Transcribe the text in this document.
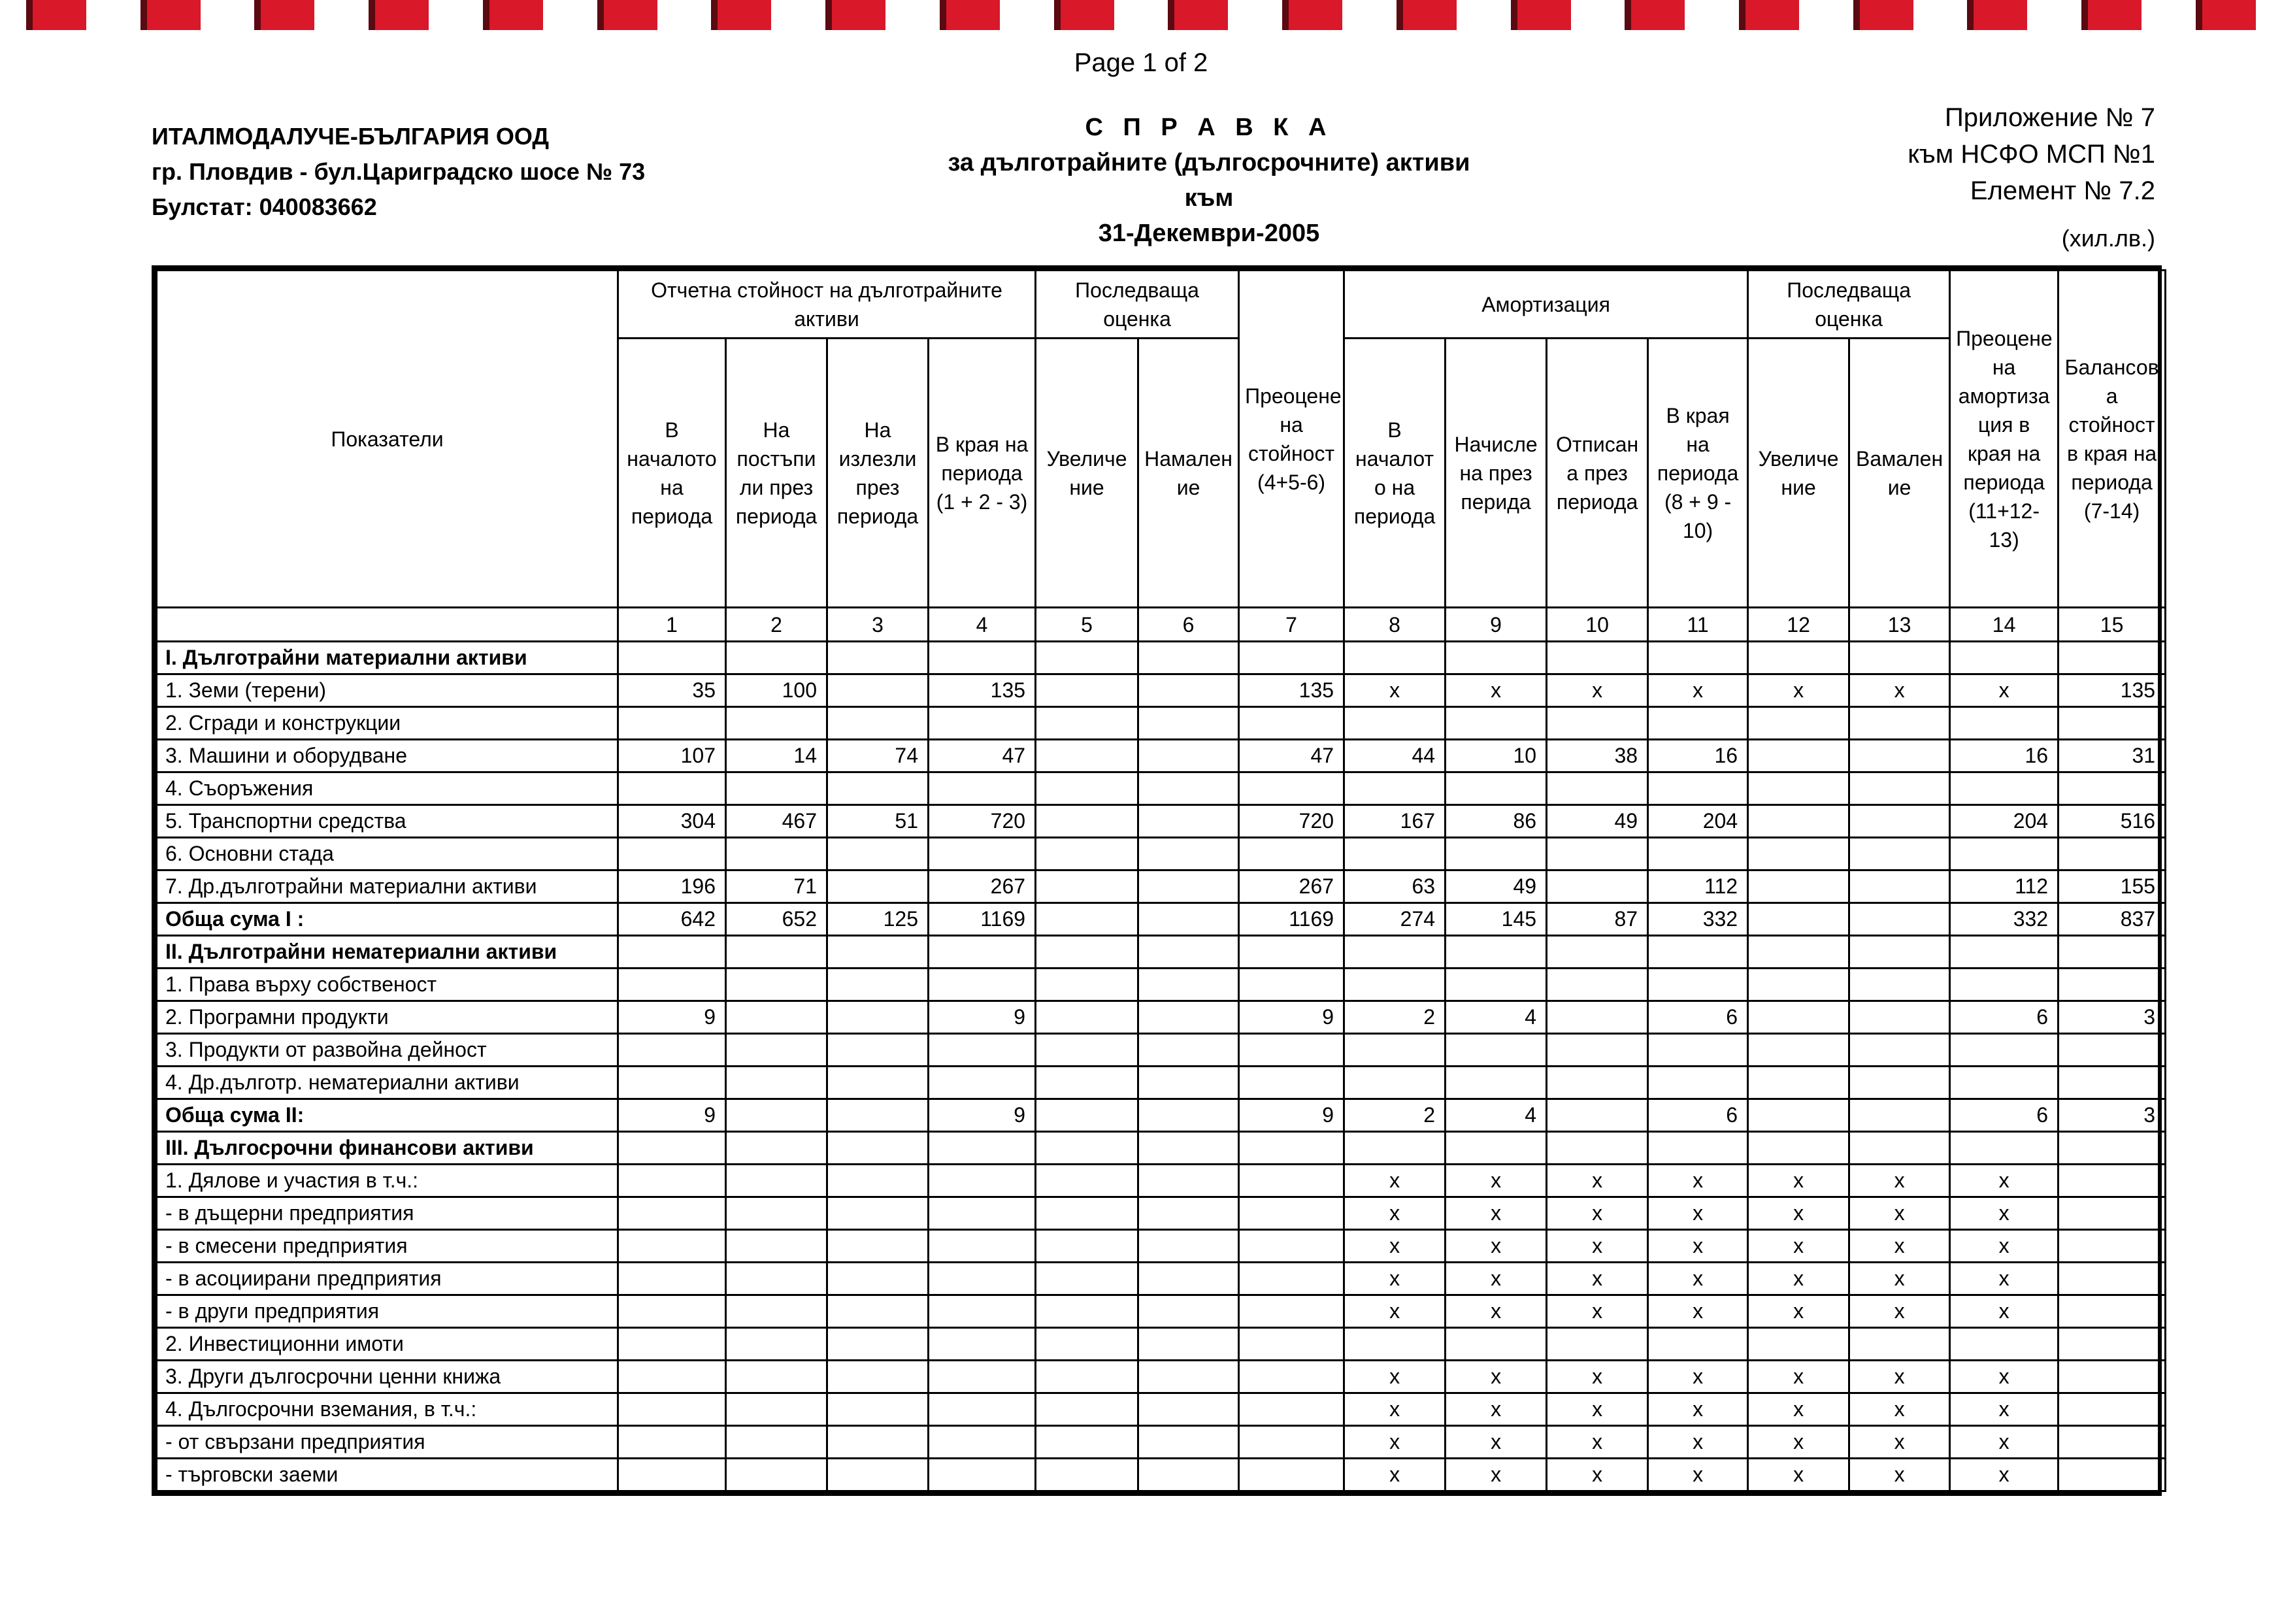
Page 1 of 2
ИТАЛМОДАЛУЧЕ-БЪЛГАРИЯ ООД
гр. Пловдив - бул.Цариградско шосе № 73
Булстат: 040083662
С П Р А В К А
за дълготрайните (дългосрочните) активи
към
31-Декември-2005
Приложение № 7
към НСФО МСП №1
Елемент № 7.2
(хил.лв.)
Показатели	Отчетна стойност на дълготрайните активи				Последваща оценка		Преоцене на стойност (4+5-6)	Амортизация				Последваща оценка		Преоцене на амортиза ция в края на периода (11+12-13)	Балансов а стойност в края на периода (7-14)
	В началото на периода	На постъпи ли през периода	На излезли през периода	В края на периода (1 + 2 - 3)	Увеличе ние	Намален ие		В началот о на периода	Начисле на през перида	Отписан а през периода	В края на периода (8 + 9 - 10)	Увеличе ние	Вамален ие		
	1	2	3	4	5	6	7	8	9	10	11	12	13	14	15
I. Дълготрайни материални активи															
1. Земи (терени)	35	100		135			135	x	x	x	x	x	x	x	135
2. Сгради и конструкции															
3. Машини и оборудване	107	14	74	47			47	44	10	38	16			16	31
4. Съоръжения															
5. Транспортни средства	304	467	51	720			720	167	86	49	204			204	516
6. Основни стада															
7. Др.дълготрайни материални активи	196	71		267			267	63	49		112			112	155
Обща сума I :	642	652	125	1169			1169	274	145	87	332			332	837
II. Дълготрайни нематериални активи															
1. Права върху собственост															
2. Програмни продукти	9			9			9	2	4		6			6	3
3. Продукти от развойна дейност															
4. Др.дълготр. нематериални активи															
Обща сума II:	9			9			9	2	4		6			6	3
III. Дългосрочни финансови активи															
1. Дялове и участия в т.ч.:								x	x	x	x	x	x	x	
- в дъщерни предприятия								x	x	x	x	x	x	x	
- в смесени предприятия								x	x	x	x	x	x	x	
- в асоциирани предприятия								x	x	x	x	x	x	x	
- в други предприятия								x	x	x	x	x	x	x	
2. Инвестиционни имоти															
3. Други дългосрочни ценни книжа								x	x	x	x	x	x	x	
4. Дългосрочни вземания, в т.ч.:								x	x	x	x	x	x	x	
- от свързани предприятия								x	x	x	x	x	x	x	
- търговски заеми								x	x	x	x	x	x	x	
